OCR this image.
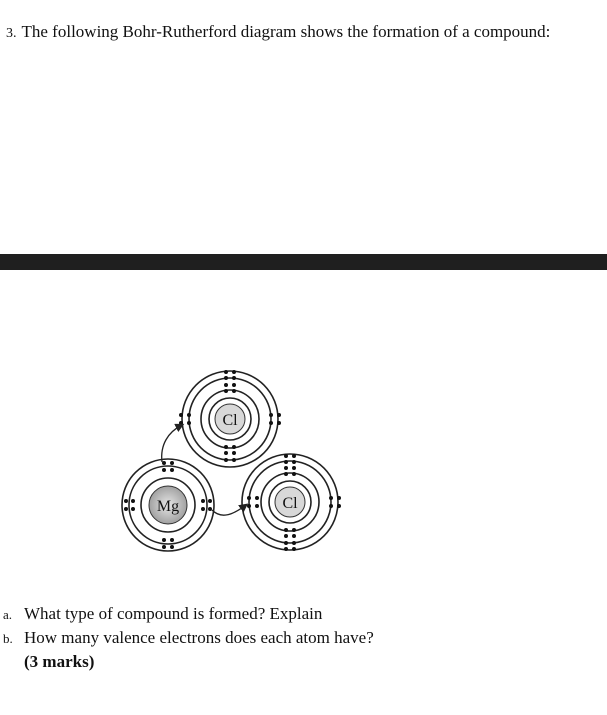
3. The following Bohr-Rutherford diagram shows the formation of a compound:
Cl
Mg	Cl
a. What type of compound is formed? Explain
b. How many valence electrons does each atom have?
(3 marks)
